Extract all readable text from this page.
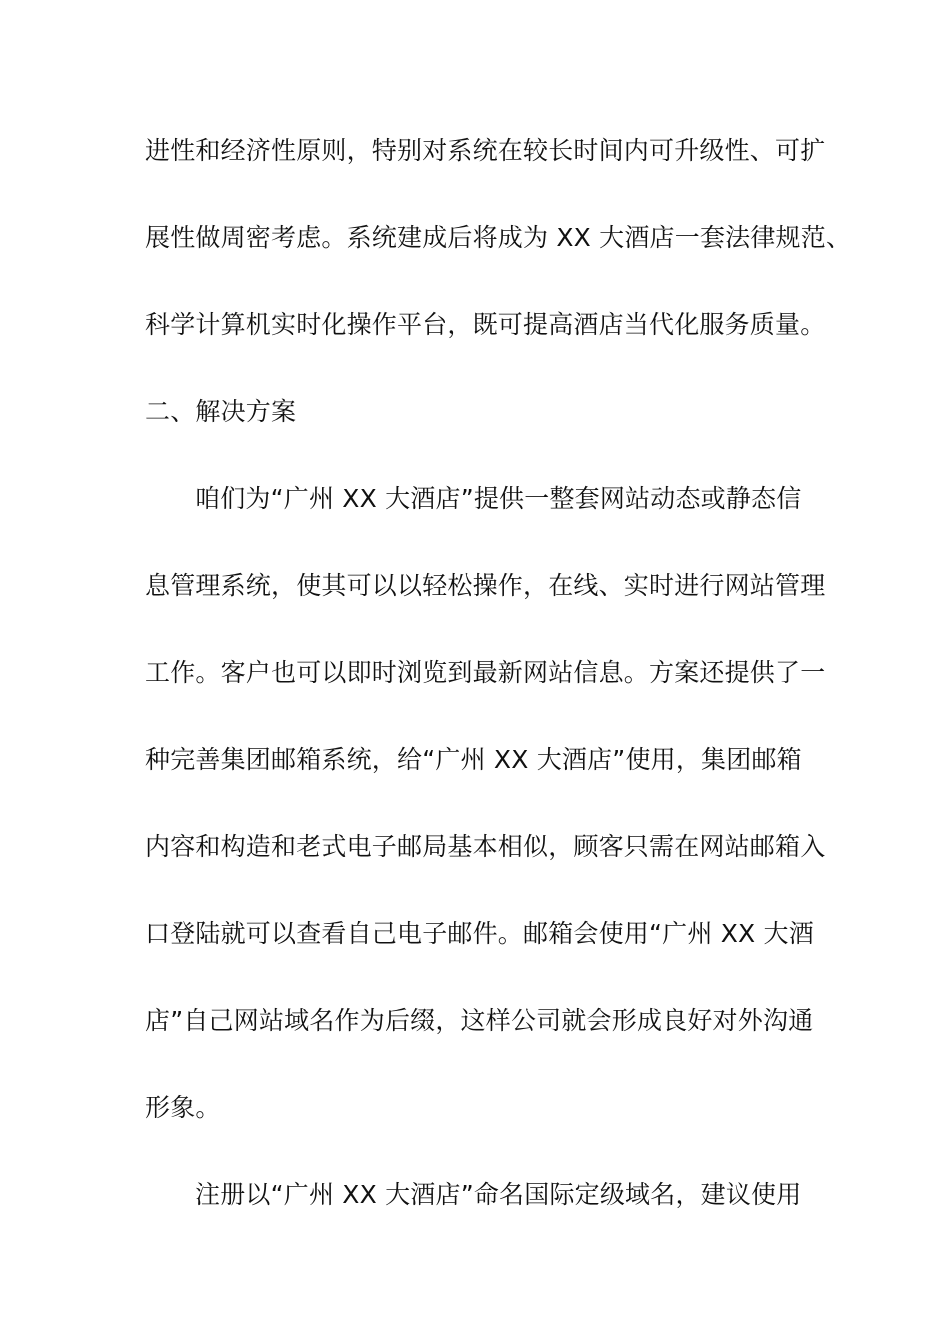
进性和经济性原则，特别对系统在较长时间内可升级性、可扩
展性做周密考虑。系统建成后将成为 XX 大酒店一套法律规范、
科学计算机实时化操作平台，既可提高酒店当代化服务质量。
二、解决方案
咱们为“广州 XX 大酒店”提供一整套网站动态或静态信
息管理系统，使其可以以轻松操作，在线、实时进行网站管理
工作。客户也可以即时浏览到最新网站信息。方案还提供了一
种完善集团邮箱系统，给“广州 XX 大酒店”使用，集团邮箱
内容和构造和老式电子邮局基本相似，顾客只需在网站邮箱入
口登陆就可以查看自己电子邮件。邮箱会使用“广州 XX 大酒
店”自己网站域名作为后缀，这样公司就会形成良好对外沟通
形象。
注册以“广州 XX 大酒店”命名国际定级域名，建议使用
